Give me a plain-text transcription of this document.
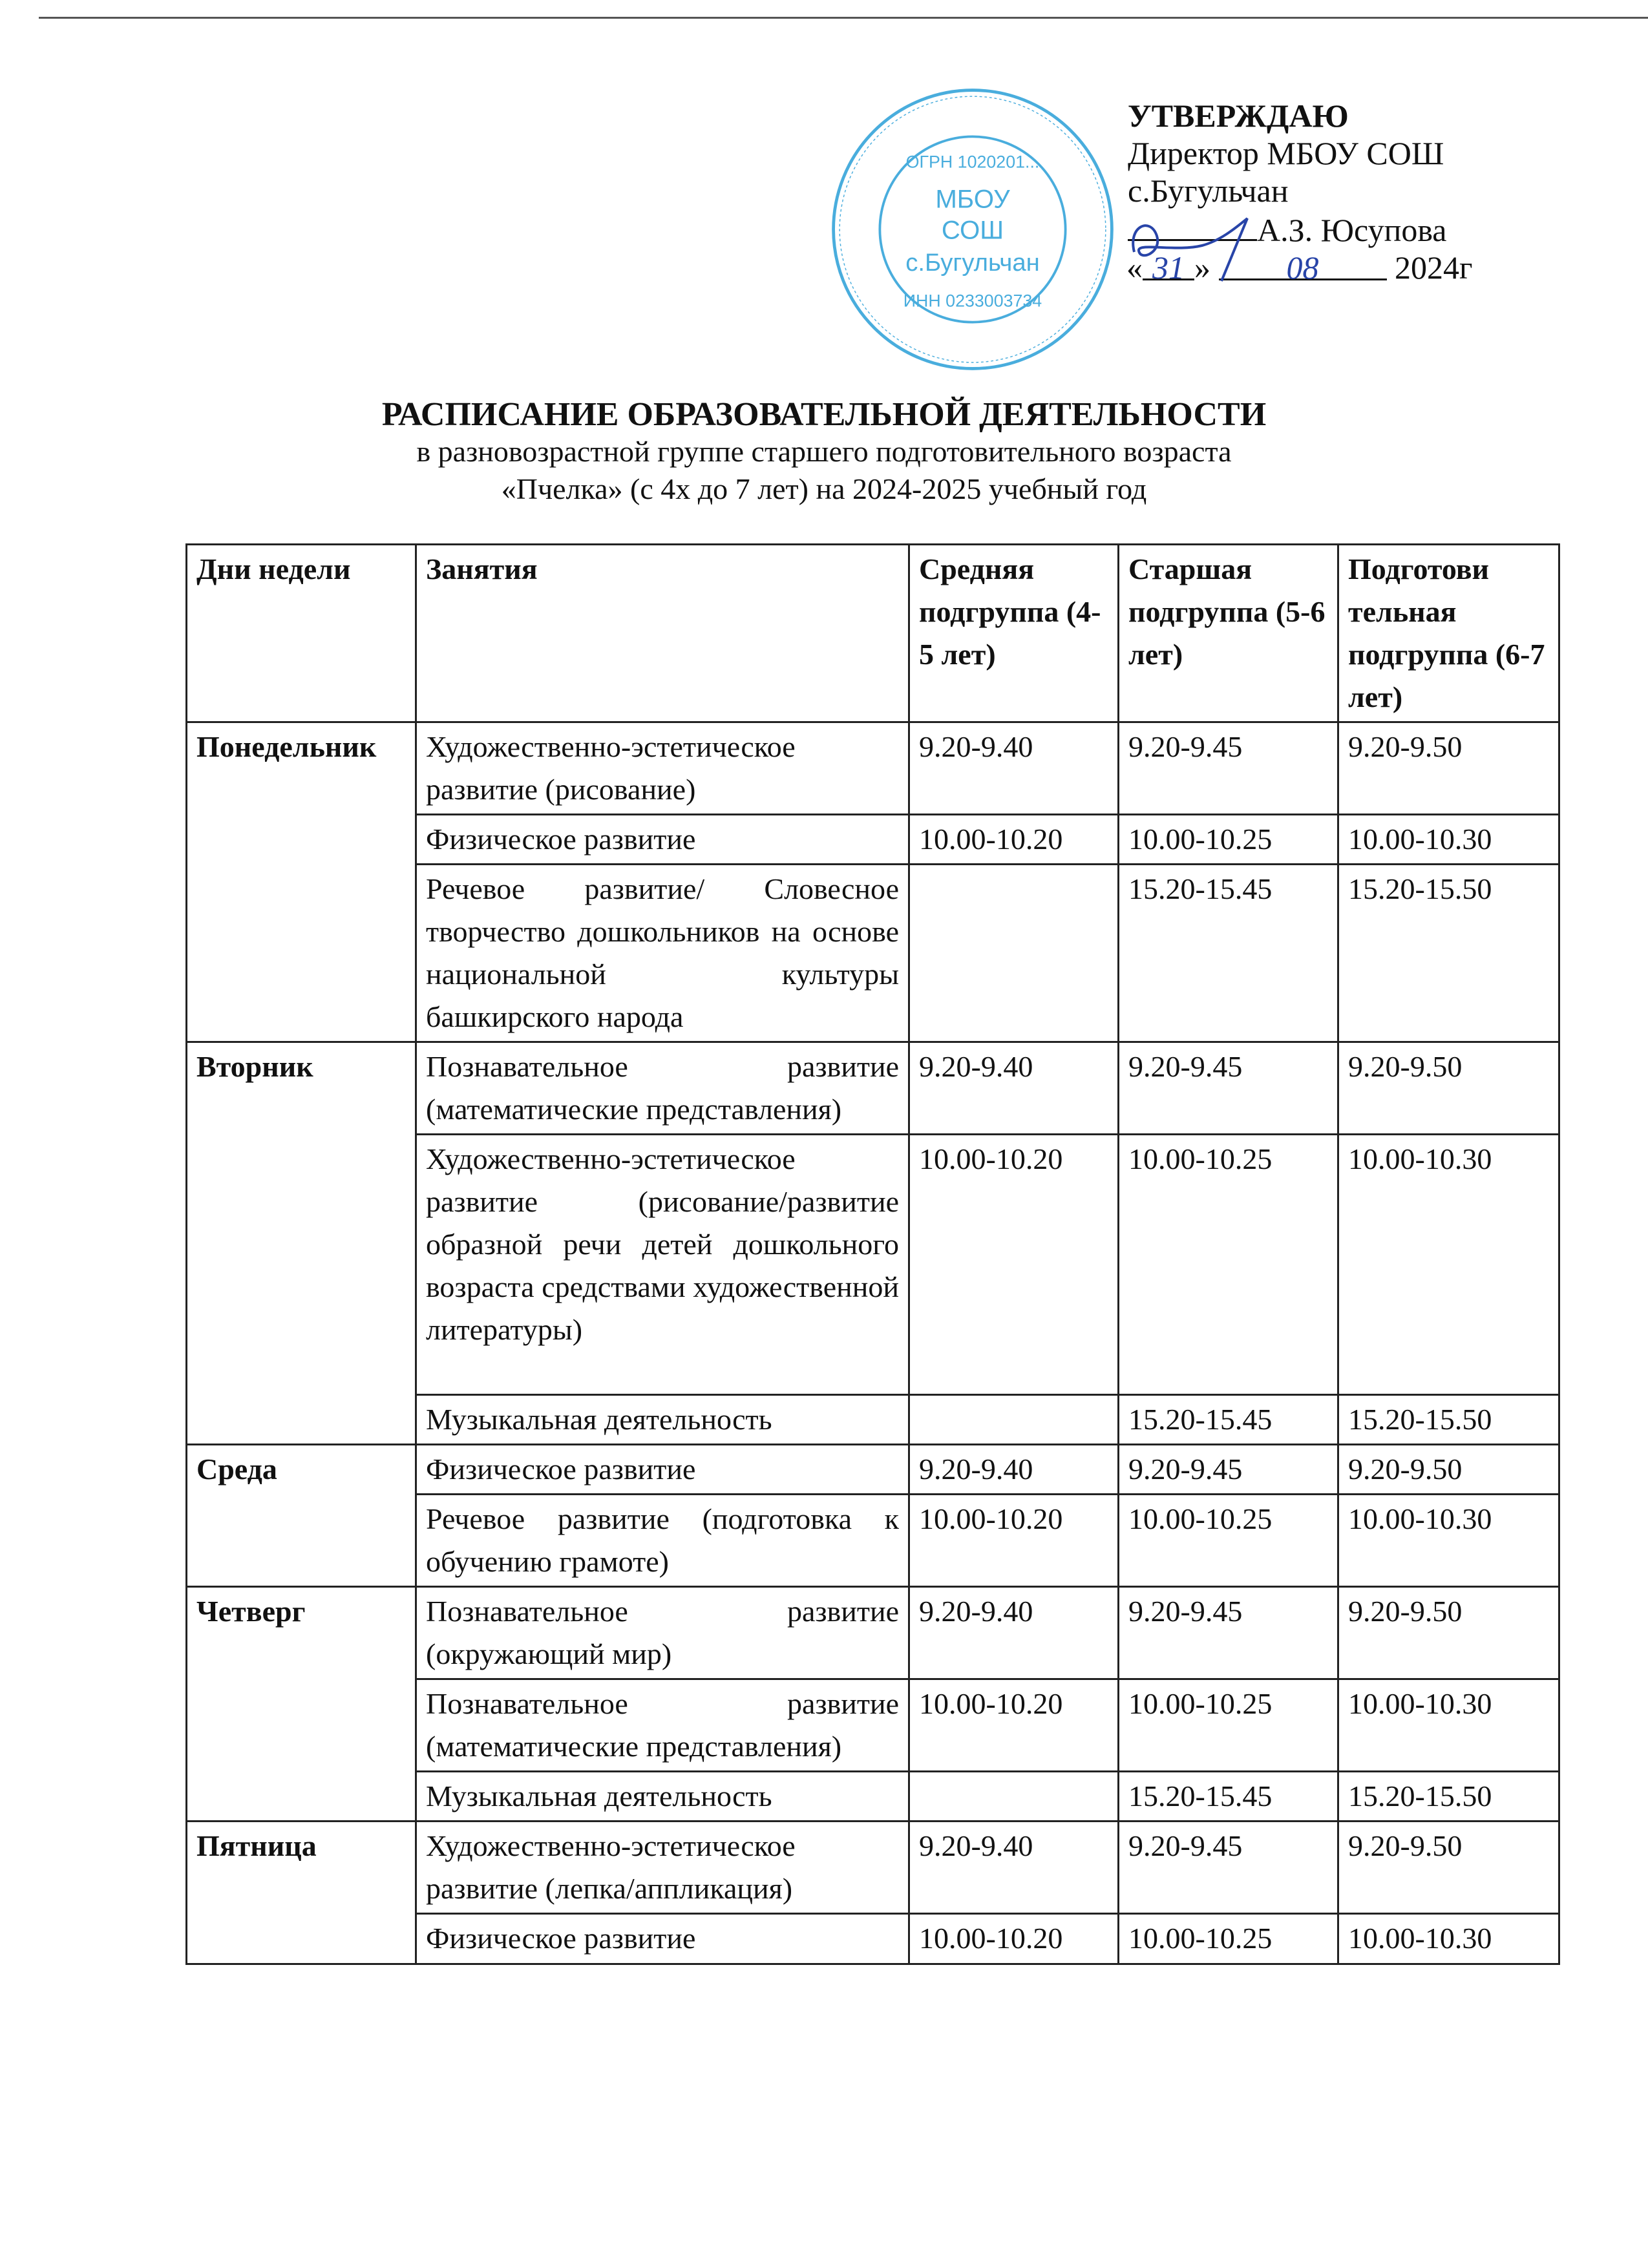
ОГРН 1020201...
МБОУ
СОШ
с.Бугульчан
ИНН 0233003734
УТВЕРЖДАЮ
Директор МБОУ СОШ
с.Бугульчан
А.З. Юсупова
« 31 » 08 2024г
РАСПИСАНИЕ ОБРАЗОВАТЕЛЬНОЙ ДЕЯТЕЛЬНОСТИ
в разновозрастной группе старшего подготовительного возраста
«Пчелка» (с 4х до 7 лет) на 2024-2025 учебный год
Дни недели	Занятия	Средняя подгруппа (4-5 лет)	Старшая подгруппа (5-6 лет)	Подготови тельная подгруппа (6-7 лет)
Понедельник	Художественно-эстетическое развитие (рисование)	9.20-9.40	9.20-9.45	9.20-9.50
	Физическое развитие	10.00-10.20	10.00-10.25	10.00-10.30
	Речевое развитие/ Словесное творчество дошкольников на основе национальной культуры башкирского народа		15.20-15.45	15.20-15.50
Вторник	Познавательное развитие (математические представления)	9.20-9.40	9.20-9.45	9.20-9.50
	Художественно-эстетическое развитие (рисование/развитие образной речи детей дошкольного возраста средствами художественной литературы)	10.00-10.20	10.00-10.25	10.00-10.30
	Музыкальная деятельность		15.20-15.45	15.20-15.50
Среда	Физическое развитие	9.20-9.40	9.20-9.45	9.20-9.50
	Речевое развитие (подготовка к обучению грамоте)	10.00-10.20	10.00-10.25	10.00-10.30
Четверг	Познавательное развитие (окружающий мир)	9.20-9.40	9.20-9.45	9.20-9.50
	Познавательное развитие (математические представления)	10.00-10.20	10.00-10.25	10.00-10.30
	Музыкальная деятельность		15.20-15.45	15.20-15.50
Пятница	Художественно-эстетическое развитие (лепка/аппликация)	9.20-9.40	9.20-9.45	9.20-9.50
	Физическое развитие	10.00-10.20	10.00-10.25	10.00-10.30
